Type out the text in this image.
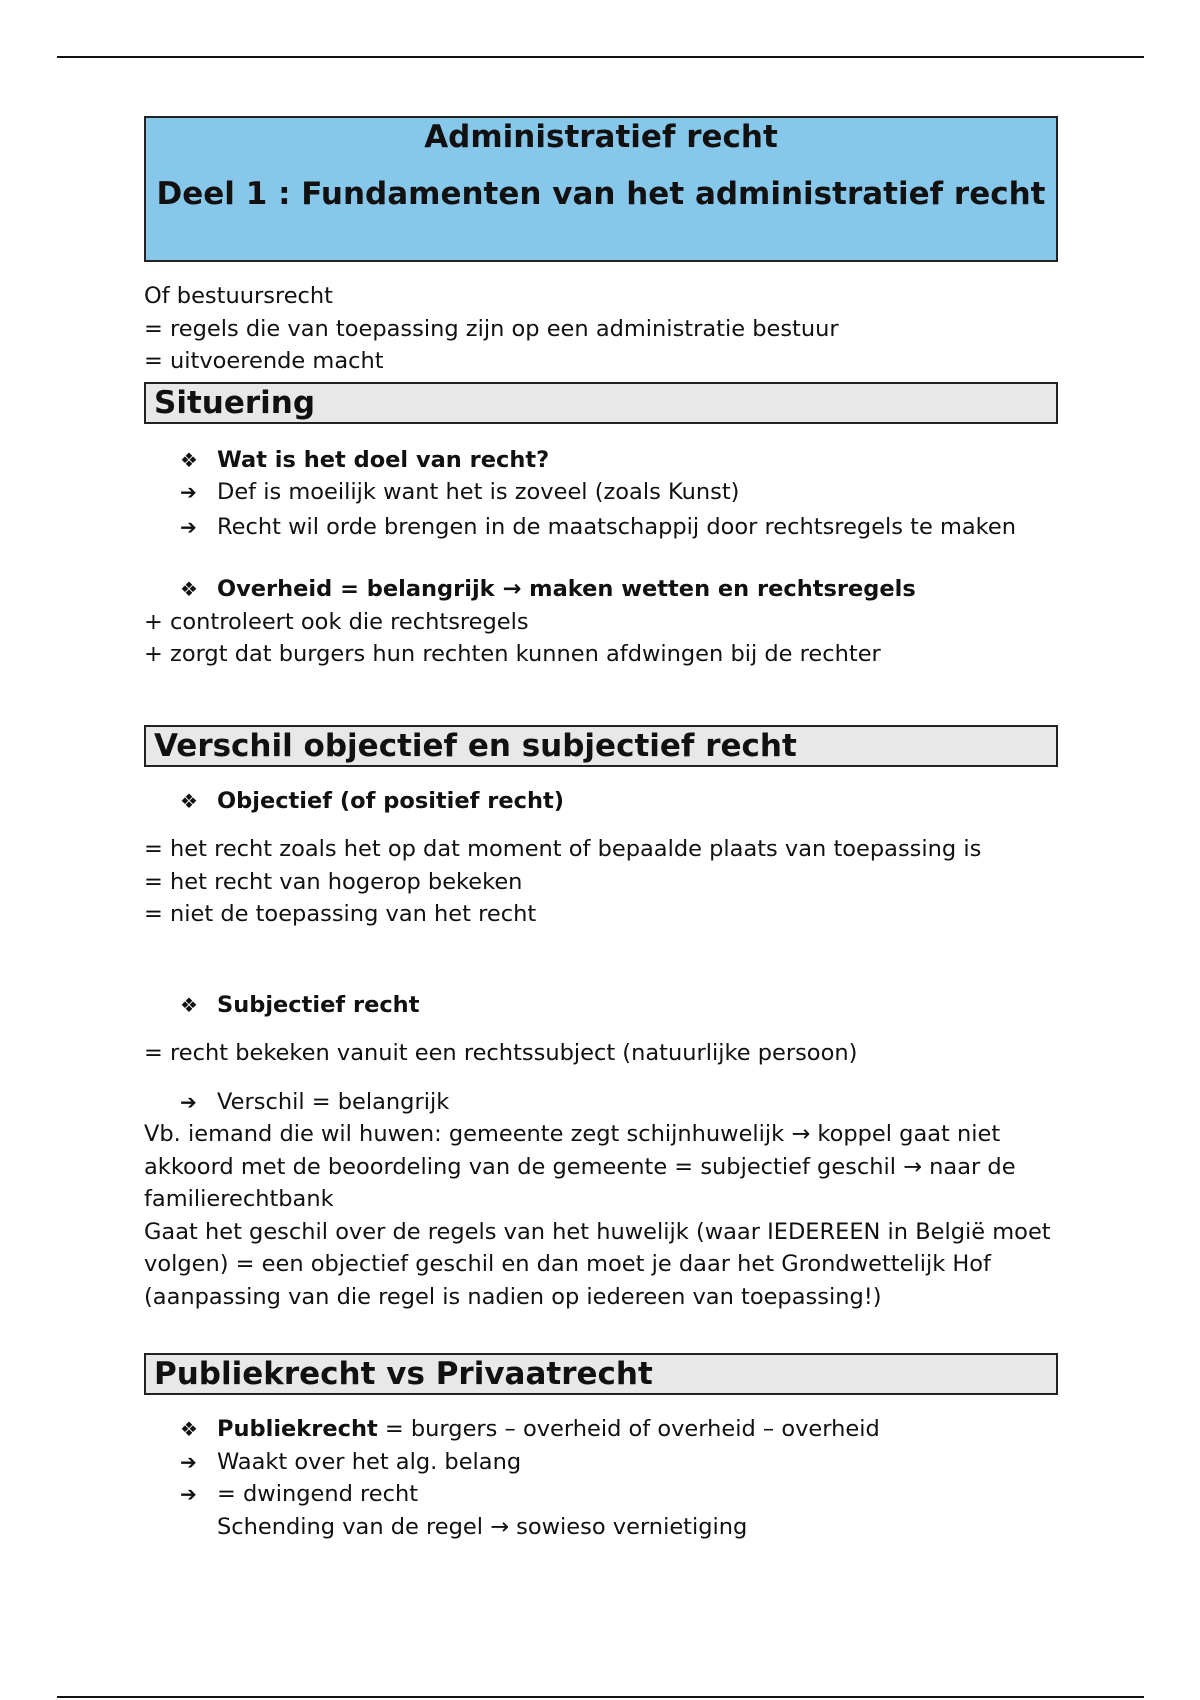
Administratief recht
Deel 1 : Fundamenten van het administratief recht

Of bestuursrecht

= regels die van toepassing zijn op een administratie bestuur

= uitvoerende macht

Situering

❖ Wat is het doel van recht?

➔ Def is moeilijk want het is zoveel (zoals Kunst)

➔ Recht wil orde brengen in de maatschappij door rechtsregels te maken

❖ Overheid = belangrijk → maken wetten en rechtsregels

+ controleert ook die rechtsregels

+ zorgt dat burgers hun rechten kunnen afdwingen bij de rechter

Verschil objectief en subjectief recht

❖ Objectief (of positief recht)

= het recht zoals het op dat moment of bepaalde plaats van toepassing is

= het recht van hogerop bekeken

= niet de toepassing van het recht

❖ Subjectief recht

= recht bekeken vanuit een rechtssubject (natuurlijke persoon)

➔ Verschil = belangrijk

Vb. iemand die wil huwen: gemeente zegt schijnhuwelijk → koppel gaat niet akkoord met de beoordeling van de gemeente = subjectief geschil → naar de familierechtbank

Gaat het geschil over de regels van het huwelijk (waar IEDEREEN in België moet volgen) = een objectief geschil en dan moet je daar het Grondwettelijk Hof (aanpassing van die regel is nadien op iedereen van toepassing!)

Publiekrecht vs Privaatrecht

❖ Publiekrecht = burgers – overheid of overheid – overheid

➔ Waakt over het alg. belang

➔ = dwingend recht

Schending van de regel → sowieso vernietiging
